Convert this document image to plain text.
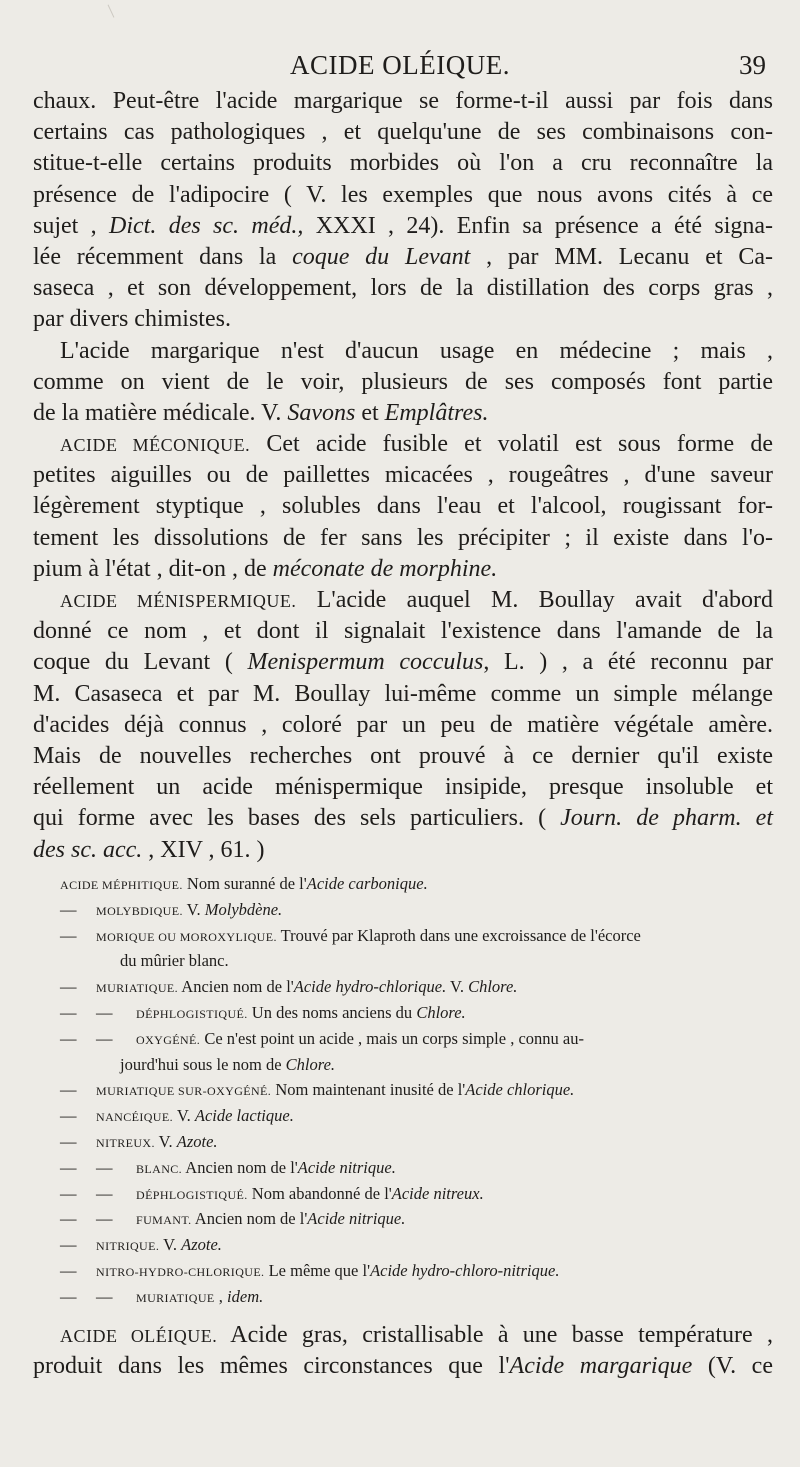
ACIDE OLÉIQUE.	39
chaux. Peut-être l'acide margarique se forme-t-il aussi par fois dans
certains cas pathologiques , et quelqu'une de ses combinaisons con-
stitue-t-elle certains produits morbides où l'on a cru reconnaître la
présence de l'adipocire ( V. les exemples que nous avons cités à ce
sujet , Dict. des sc. méd., XXXI , 24). Enfin sa présence a été signa-
lée récemment dans la coque du Levant , par MM. Lecanu et Ca-
saseca , et son développement, lors de la distillation des corps gras ,
par divers chimistes.
L'acide margarique n'est d'aucun usage en médecine ; mais ,
comme on vient de le voir, plusieurs de ses composés font partie
de la matière médicale. V. Savons et Emplâtres.
ACIDE MÉCONIQUE. Cet acide fusible et volatil est sous forme de
petites aiguilles ou de paillettes micacées , rougeâtres , d'une saveur
légèrement styptique , solubles dans l'eau et l'alcool, rougissant for-
tement les dissolutions de fer sans les précipiter ; il existe dans l'o-
pium à l'état , dit-on , de méconate de morphine.
ACIDE MÉNISPERMIQUE. L'acide auquel M. Boullay avait d'abord
donné ce nom , et dont il signalait l'existence dans l'amande de la
coque du Levant ( Menispermum cocculus, L. ) , a été reconnu par
M. Casaseca et par M. Boullay lui-même comme un simple mélange
d'acides déjà connus , coloré par un peu de matière végétale amère.
Mais de nouvelles recherches ont prouvé à ce dernier qu'il existe
réellement un acide ménispermique insipide, presque insoluble et
qui forme avec les bases des sels particuliers. ( Journ. de pharm. et
des sc. acc. , XIV , 61. )
ACIDE MÉPHITIQUE. Nom suranné de l'Acide carbonique.
— MOLYBDIQUE. V. Molybdène.
— MORIQUE OU MOROXYLIQUE. Trouvé par Klaproth dans une excroissance de l'écorce
du mûrier blanc.
— MURIATIQUE. Ancien nom de l'Acide hydro-chlorique. V. Chlore.
— — DÉPHLOGISTIQUÉ. Un des noms anciens du Chlore.
— — OXYGÉNÉ. Ce n'est point un acide , mais un corps simple , connu au-
jourd'hui sous le nom de Chlore.
— MURIATIQUE SUR-OXYGÉNÉ. Nom maintenant inusité de l'Acide chlorique.
— NANCÉIQUE. V. Acide lactique.
— NITREUX. V. Azote.
— — BLANC. Ancien nom de l'Acide nitrique.
— — DÉPHLOGISTIQUÉ. Nom abandonné de l'Acide nitreux.
— — FUMANT. Ancien nom de l'Acide nitrique.
— NITRIQUE. V. Azote.
— NITRO-HYDRO-CHLORIQUE. Le même que l'Acide hydro-chloro-nitrique.
— — MURIATIQUE , idem.
ACIDE OLÉIQUE. Acide gras, cristallisable à une basse température ,
produit dans les mêmes circonstances que l'Acide margarique (V. ce
